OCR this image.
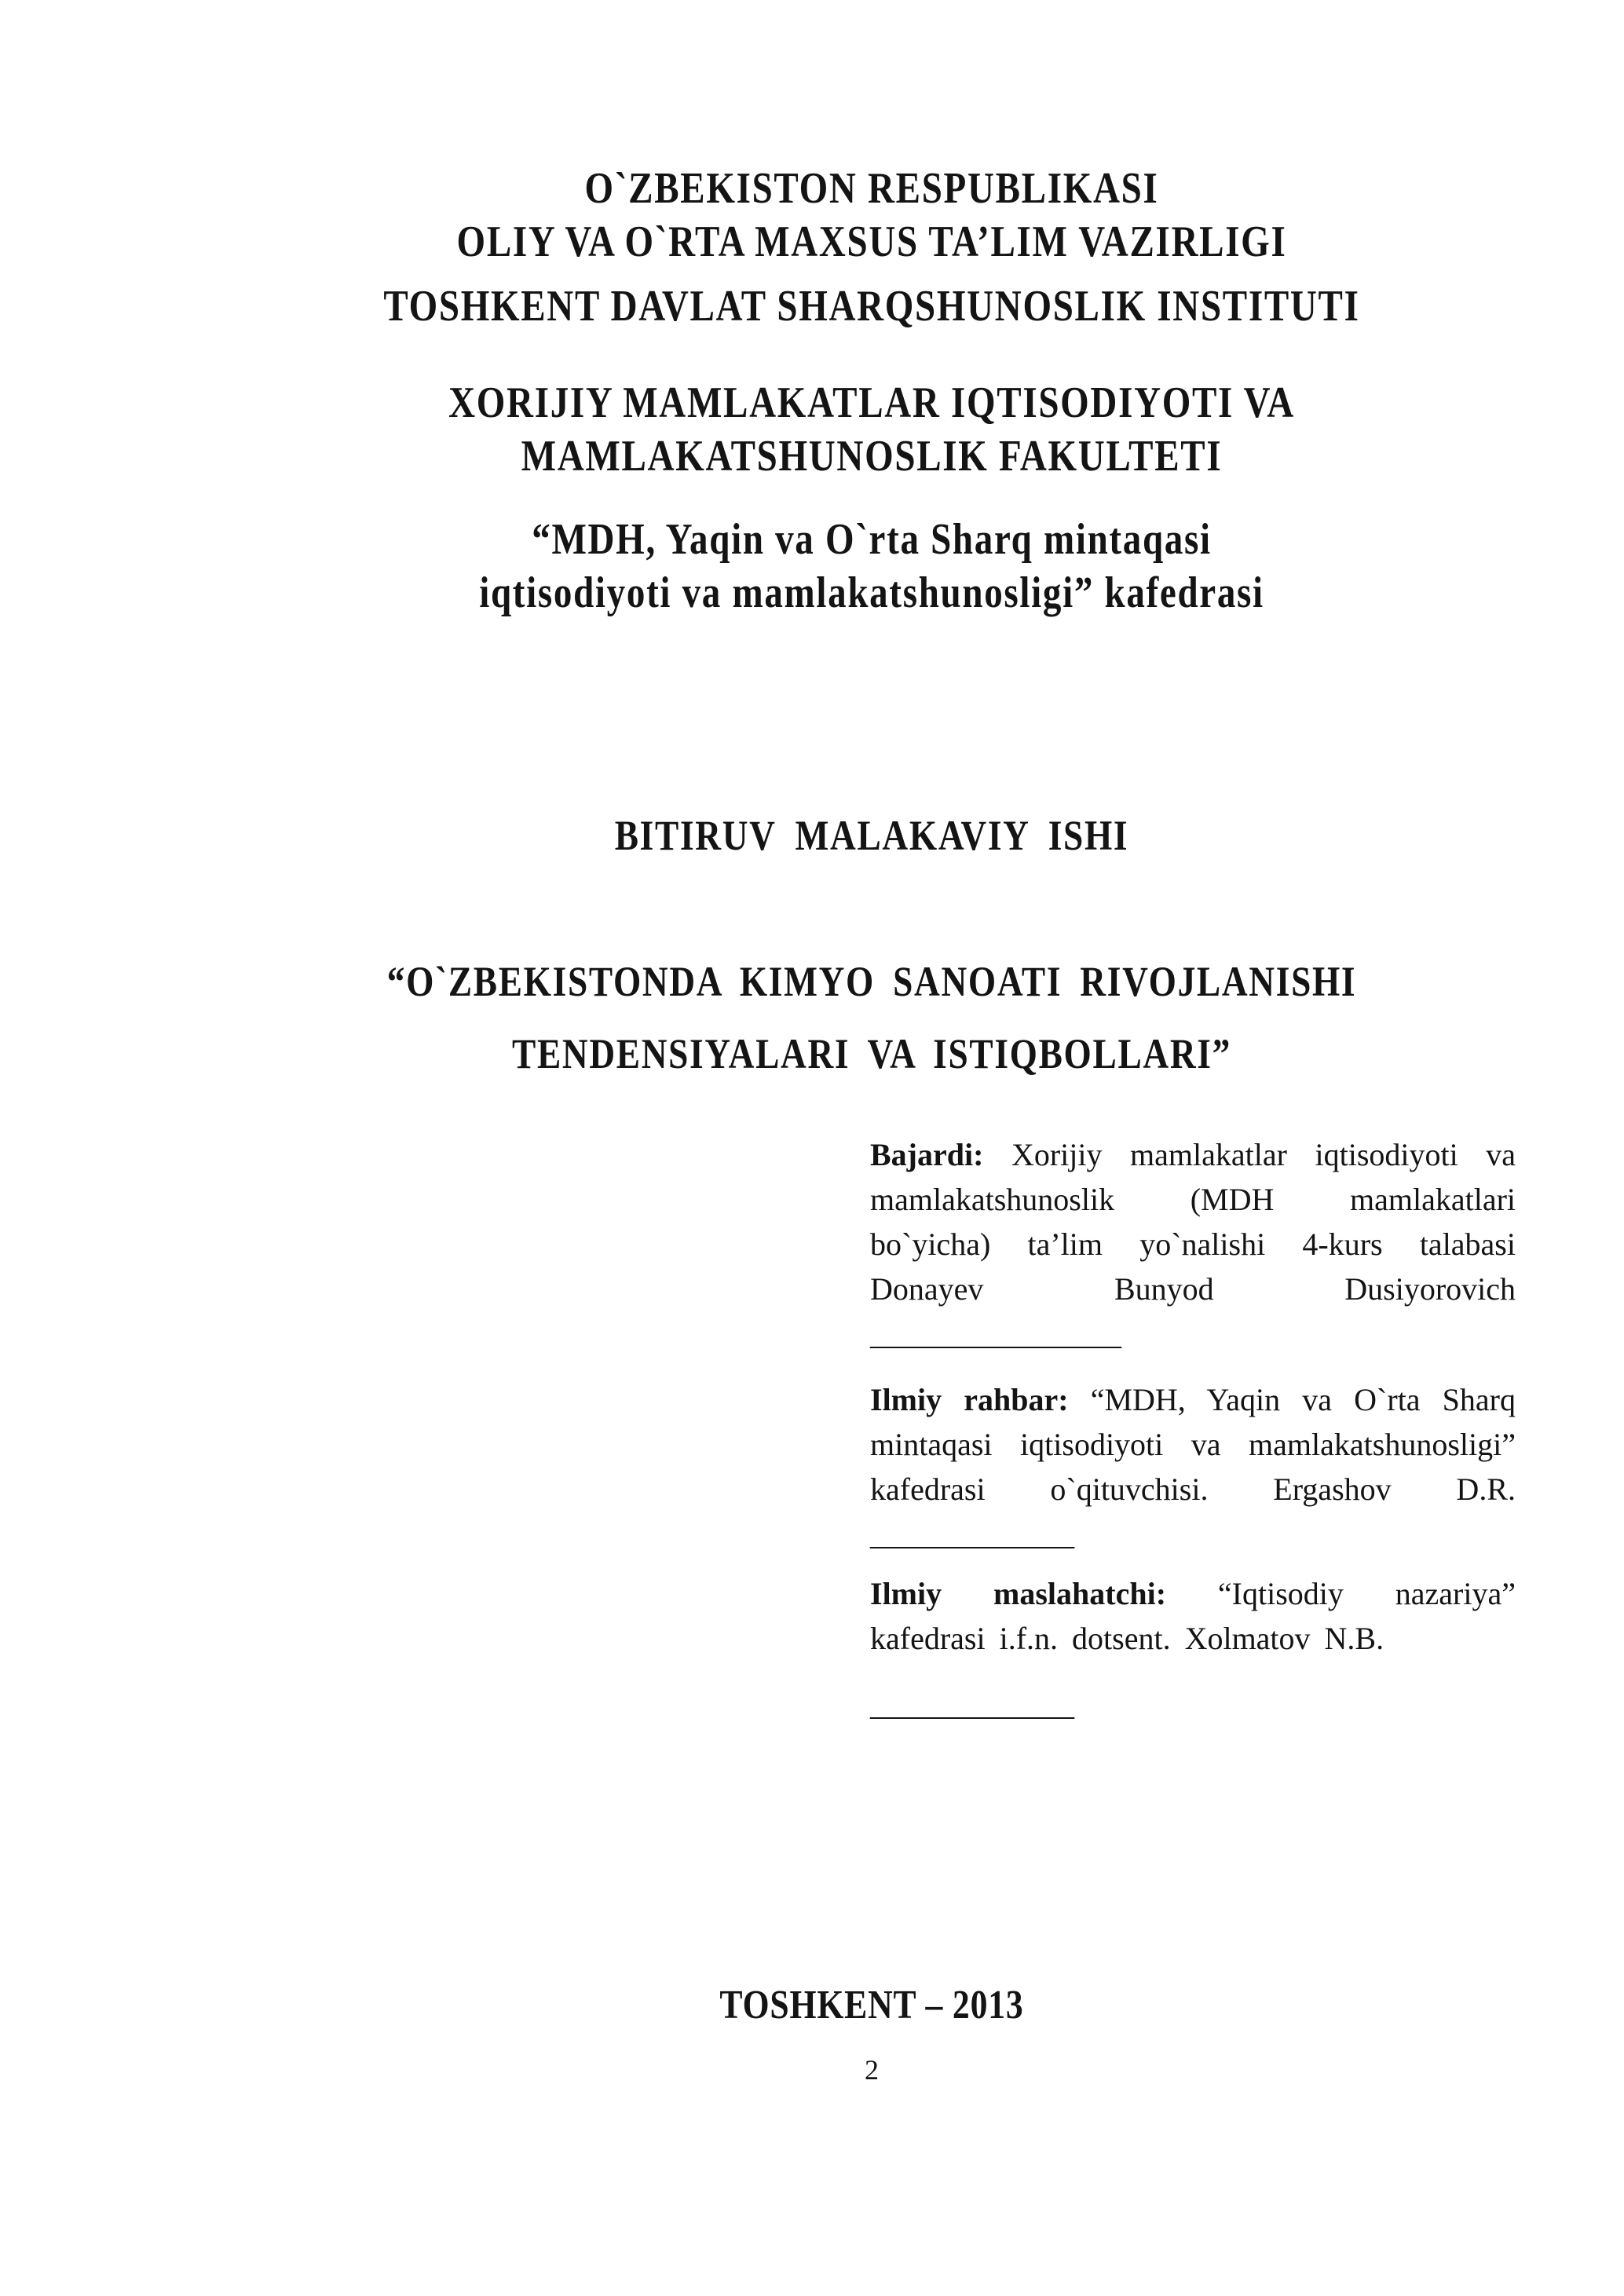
O`ZBEKISTON RESPUBLIKASI
OLIY VA O`RTA MAXSUS TA’LIM VAZIRLIGI
TOSHKENT DAVLAT SHARQSHUNOSLIK INSTITUTI
XORIJIY MAMLAKATLAR IQTISODIYOTI VA
MAMLAKATSHUNOSLIK FAKULTETI
“MDH, Yaqin va O`rta Sharq mintaqasi
iqtisodiyoti va mamlakatshunosligi” kafedrasi
BITIRUV MALAKAVIY ISHI
“O`ZBEKISTONDA KIMYO SANOATI RIVOJLANISHI
TENDENSIYALARI VA ISTIQBOLLARI”
Bajardi: Xorijiy mamlakatlar iqtisodiyoti va
mamlakatshunoslik (MDH mamlakatlari
bo`yicha) ta’lim yo`nalishi 4-kurs talabasi
Donayev Bunyod Dusiyorovich
________________
Ilmiy rahbar: “MDH, Yaqin va O`rta Sharq
mintaqasi iqtisodiyoti va mamlakatshunosligi”
kafedrasi o`qituvchisi. Ergashov D.R.
_____________
Ilmiy maslahatchi: “Iqtisodiy nazariya”
kafedrasi i.f.n. dotsent. Xolmatov N.B.
_____________
TOSHKENT – 2013
2
